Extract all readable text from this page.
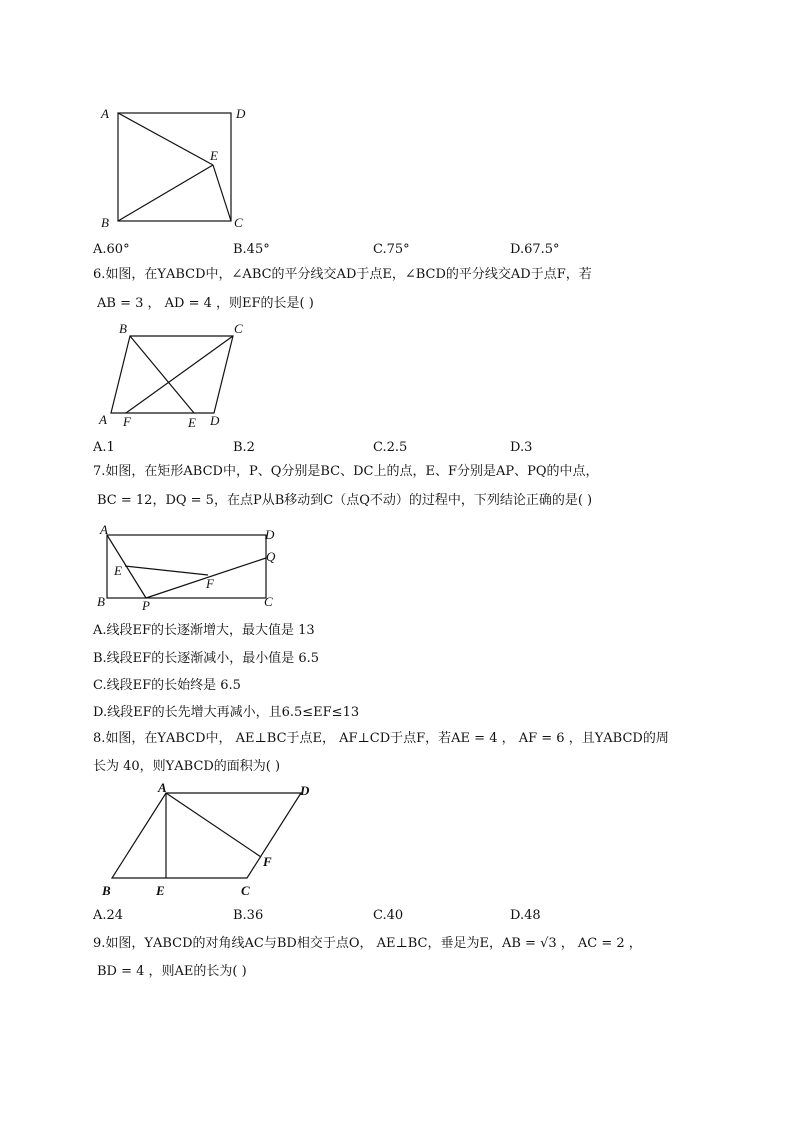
A	D
E
B	C
A.60°	B.45°	C.75°	D.67.5°
6.如图，在ΥABCD中，∠ABC的平分线交AD于点E，∠BCD的平分线交AD于点F，若
AB = 3 ， AD = 4 ，则EF的长是( )
B	C
A F	E D
A.1	B.2	C.2.5	D.3
7.如图，在矩形ABCD中，P、Q分别是BC、DC上的点，E、F分别是AP、PQ的中点，
BC = 12，DQ = 5，在点P从B移动到C（点Q不动）的过程中，下列结论正确的是( )
A	D
Q
E
F
B	P	C
A.线段EF的长逐渐增大，最大值是 13
B.线段EF的长逐渐减小，最小值是 6.5
C.线段EF的长始终是 6.5
D.线段EF的长先增大再减小，且6.5≤EF≤13
8.如图，在ΥABCD中， AE⊥BC于点E， AF⊥CD于点F，若AE = 4 ， AF = 6 ，且ΥABCD的周
长为 40，则ΥABCD的面积为( )
A	D
F
B	E	C
A.24	B.36	C.40	D.48
9.如图，ΥABCD的对角线AC与BD相交于点O， AE⊥BC，垂足为E，AB = √3 ， AC = 2 ，
BD = 4 ，则AE的长为( )
